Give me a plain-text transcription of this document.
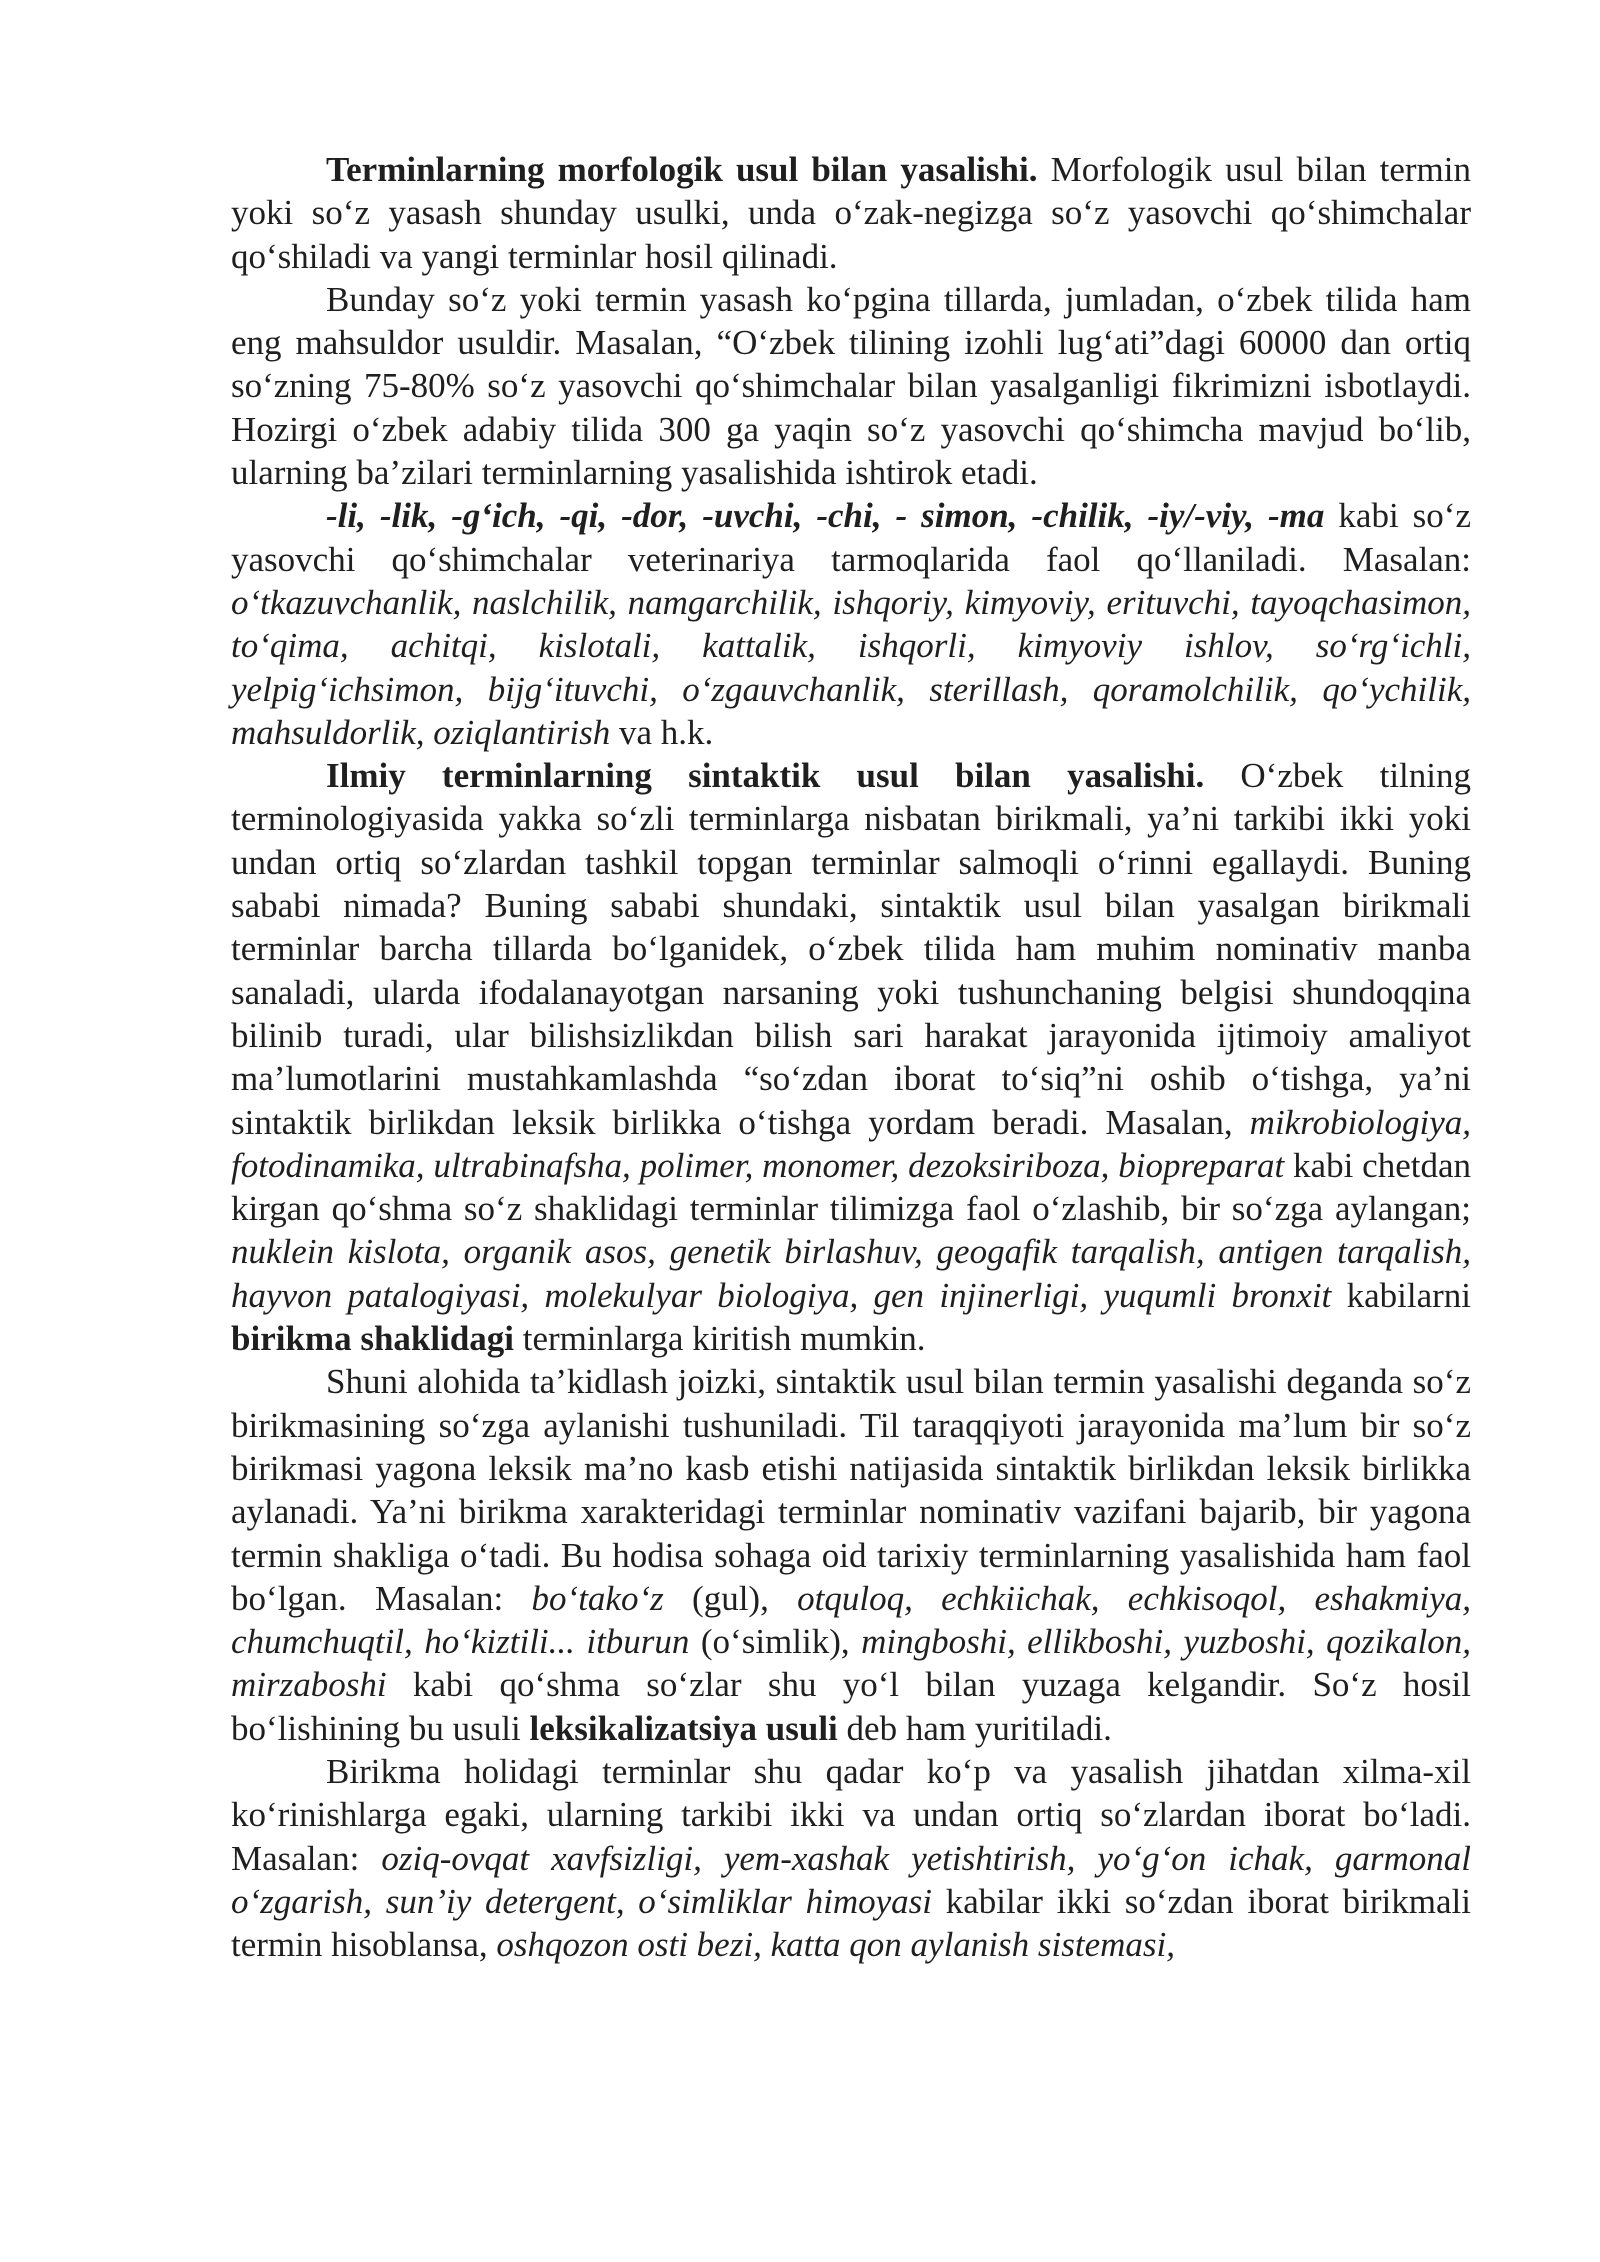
Terminlarning morfologik usul bilan yasalishi. Morfologik usul bilan termin yoki so‘z yasash shunday usulki, unda o‘zak-negizga so‘z yasovchi qo‘shimchalar qo‘shiladi va yangi terminlar hosil qilinadi.

Bunday so‘z yoki termin yasash ko‘pgina tillarda, jumladan, o‘zbek tilida ham eng mahsuldor usuldir. Masalan, “O‘zbek tilining izohli lug‘ati”dagi 60000 dan ortiq so‘zning 75-80% so‘z yasovchi qo‘shimchalar bilan yasalganligi fikrimizni isbotlaydi. Hozirgi o‘zbek adabiy tilida 300 ga yaqin so‘z yasovchi qo‘shimcha mavjud bo‘lib, ularning ba’zilari terminlarning yasalishida ishtirok etadi.

-li, -lik, -g‘ich, -qi, -dor, -uvchi, -chi, - simon, -chilik, -iy/-viy, -ma kabi so‘z yasovchi qo‘shimchalar veterinariya tarmoqlarida faol qo‘llaniladi. Masalan: o‘tkazuvchanlik, naslchilik, namgarchilik, ishqoriy, kimyoviy, erituvchi, tayoqchasimon, to‘qima, achitqi, kislotali, kattalik, ishqorli, kimyoviy ishlov, so‘rg‘ichli, yelpig‘ichsimon, bijg‘ituvchi, o‘zgauvchanlik, sterillash, qoramolchilik, qo‘ychilik, mahsuldorlik, oziqlantirish va h.k.

Ilmiy terminlarning sintaktik usul bilan yasalishi. O‘zbek tilning terminologiyasida yakka so‘zli terminlarga nisbatan birikmali, ya’ni tarkibi ikki yoki undan ortiq so‘zlardan tashkil topgan terminlar salmoqli o‘rinni egallaydi. Buning sababi nimada? Buning sababi shundaki, sintaktik usul bilan yasalgan birikmali terminlar barcha tillarda bo‘lganidek, o‘zbek tilida ham muhim nominativ manba sanaladi, ularda ifodalanayotgan narsaning yoki tushunchaning belgisi shundoqqina bilinib turadi, ular bilishsizlikdan bilish sari harakat jarayonida ijtimoiy amaliyot ma’lumotlarini mustahkamlashda “so‘zdan iborat to‘siq”ni oshib o‘tishga, ya’ni sintaktik birlikdan leksik birlikka o‘tishga yordam beradi. Masalan, mikrobiologiya, fotodinamika, ultrabinafsha, polimer, monomer, dezoksiriboza, biopreparat kabi chetdan kirgan qo‘shma so‘z shaklidagi terminlar tilimizga faol o‘zlashib, bir so‘zga aylangan; nuklein kislota, organik asos, genetik birlashuv, geogafik tarqalish, antigen tarqalish, hayvon patalogiyasi, molekulyar biologiya, gen injinerligi, yuqumli bronxit kabilarni birikma shaklidagi terminlarga kiritish mumkin.

Shuni alohida ta’kidlash joizki, sintaktik usul bilan termin yasalishi deganda so‘z birikmasining so‘zga aylanishi tushuniladi. Til taraqqiyoti jarayonida ma’lum bir so‘z birikmasi yagona leksik ma’no kasb etishi natijasida sintaktik birlikdan leksik birlikka aylanadi. Ya’ni birikma xarakteridagi terminlar nominativ vazifani bajarib, bir yagona termin shakliga o‘tadi. Bu hodisa sohaga oid tarixiy terminlarning yasalishida ham faol bo‘lgan. Masalan: bo‘tako‘z (gul), otquloq, echkiichak, echkisoqol, eshakmiya, chumchuqtil, ho‘kiztili... itburun (o‘simlik), mingboshi, ellikboshi, yuzboshi, qozikalon, mirzaboshi kabi qo‘shma so‘zlar shu yo‘l bilan yuzaga kelgandir. So‘z hosil bo‘lishining bu usuli leksikalizatsiya usuli deb ham yuritiladi.

Birikma holidagi terminlar shu qadar ko‘p va yasalish jihatdan xilma-xil ko‘rinishlarga egaki, ularning tarkibi ikki va undan ortiq so‘zlardan iborat bo‘ladi. Masalan: oziq-ovqat xavfsizligi, yem-xashak yetishtirish, yo‘g‘on ichak, garmonal o‘zgarish, sun’iy detergent, o‘simliklar himoyasi kabilar ikki so‘zdan iborat birikmali termin hisoblansa, oshqozon osti bezi, katta qon aylanish sistemasi,
